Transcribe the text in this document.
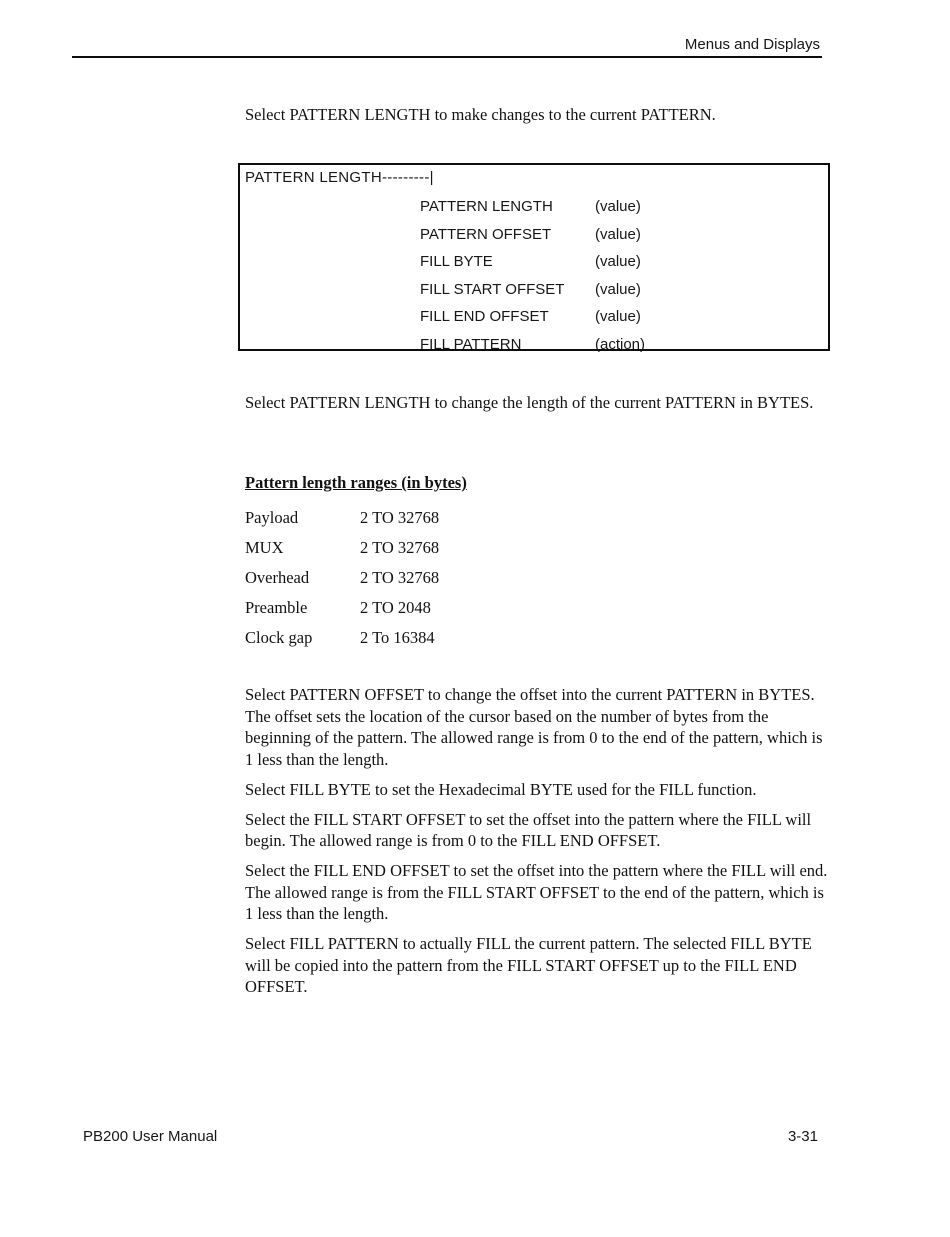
Menus and Displays

Select PATTERN LENGTH to make changes to the current PATTERN.

PATTERN LENGTH---------|
PATTERN LENGTH	(value)
PATTERN OFFSET	(value)
FILL BYTE	(value)
FILL START OFFSET	(value)
FILL END OFFSET	(value)
FILL PATTERN	(action)

Select PATTERN LENGTH to change the length of the current PATTERN in BYTES.

Pattern length ranges (in bytes)
Payload	2 TO 32768
MUX	2 TO 32768
Overhead	2 TO 32768
Preamble	2 TO 2048
Clock gap	2 To 16384

Select PATTERN OFFSET to change the offset into the current PATTERN in BYTES. The offset sets the location of the cursor based on the number of bytes from the beginning of the pattern. The allowed range is from 0 to the end of the pattern, which is 1 less than the length.

Select FILL BYTE to set the Hexadecimal BYTE used for the FILL function.

Select the FILL START OFFSET to set the offset into the pattern where the FILL will begin. The allowed range is from 0 to the FILL END OFFSET.

Select the FILL END OFFSET to set the offset into the pattern where the FILL will end. The allowed range is from the FILL START OFFSET to the end of the pattern, which is 1 less than the length.

Select FILL PATTERN to actually FILL the current pattern. The selected FILL BYTE will be copied into the pattern from the FILL START OFFSET up to the FILL END OFFSET.

PB200 User Manual	3-31
